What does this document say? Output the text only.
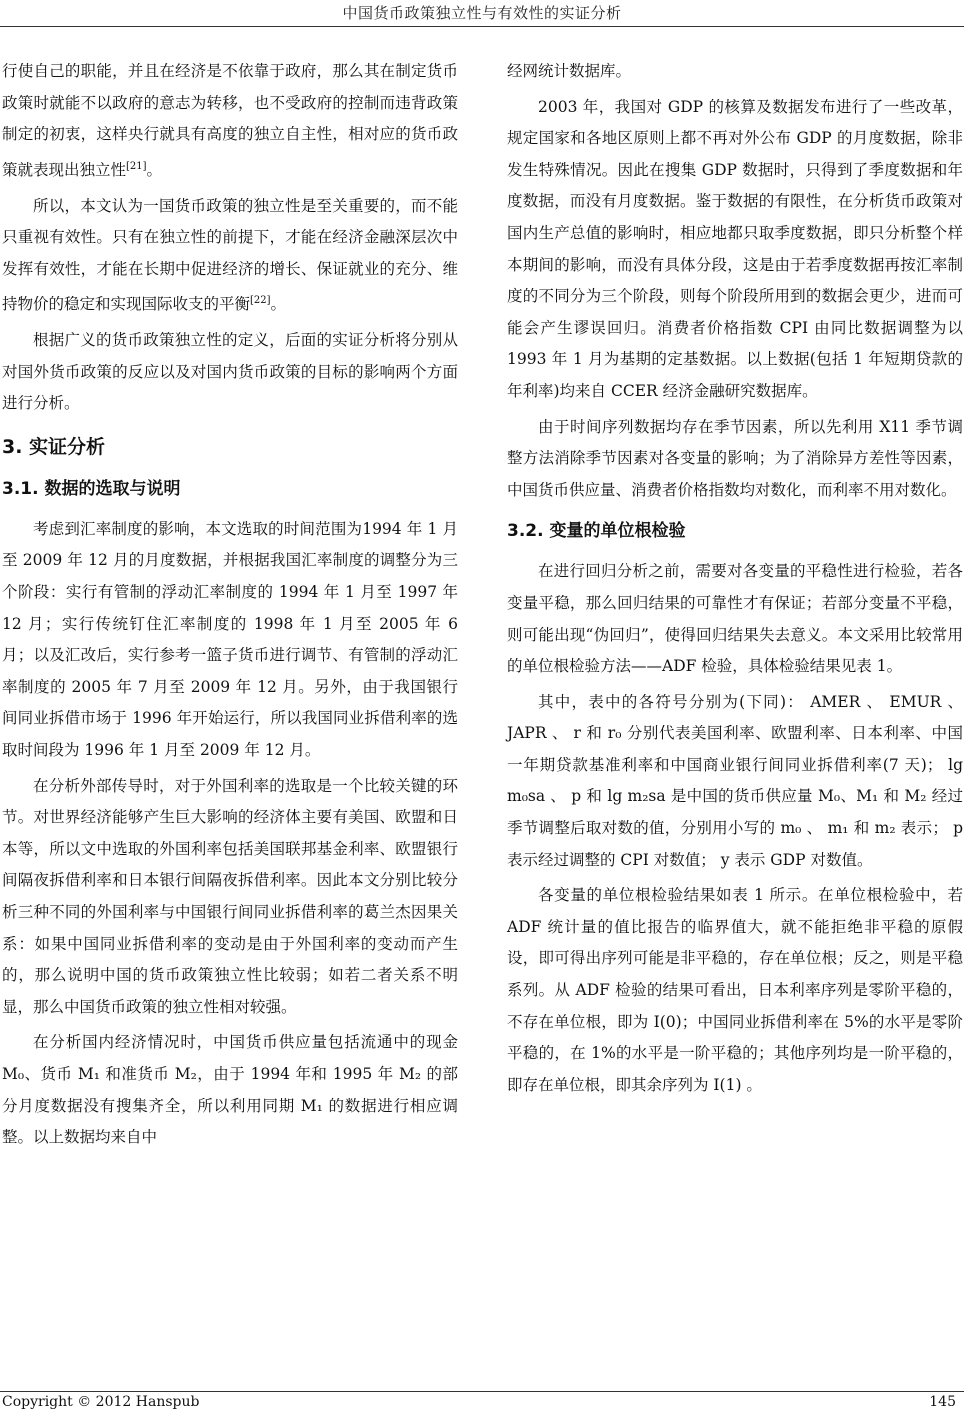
中国货币政策独立性与有效性的实证分析

行使自己的职能，并且在经济是不依靠于政府，那么其在制定货币政策时就能不以政府的意志为转移，也不受政府的控制而违背政策制定的初衷，这样央行就具有高度的独立自主性，相对应的货币政策就表现出独立性[21]。

所以，本文认为一国货币政策的独立性是至关重要的，而不能只重视有效性。只有在独立性的前提下，才能在经济金融深层次中发挥有效性，才能在长期中促进经济的增长、保证就业的充分、维持物价的稳定和实现国际收支的平衡[22]。

根据广义的货币政策独立性的定义，后面的实证分析将分别从对国外货币政策的反应以及对国内货币政策的目标的影响两个方面进行分析。

3. 实证分析
3.1. 数据的选取与说明

考虑到汇率制度的影响，本文选取的时间范围为1994 年 1 月至 2009 年 12 月的月度数据，并根据我国汇率制度的调整分为三个阶段：实行有管制的浮动汇率制度的 1994 年 1 月至 1997 年 12 月；实行传统钉住汇率制度的 1998 年 1 月至 2005 年 6 月；以及汇改后，实行参考一篮子货币进行调节、有管制的浮动汇率制度的 2005 年 7 月至 2009 年 12 月。另外，由于我国银行间同业拆借市场于 1996 年开始运行，所以我国同业拆借利率的选取时间段为 1996 年 1 月至 2009 年 12 月。

在分析外部传导时，对于外国利率的选取是一个比较关键的环节。对世界经济能够产生巨大影响的经济体主要有美国、欧盟和日本等，所以文中选取的外国利率包括美国联邦基金利率、欧盟银行间隔夜拆借利率和日本银行间隔夜拆借利率。因此本文分别比较分析三种不同的外国利率与中国银行间同业拆借利率的葛兰杰因果关系：如果中国同业拆借利率的变动是由于外国利率的变动而产生的，那么说明中国的货币政策独立性比较弱；如若二者关系不明显，那么中国货币政策的独立性相对较强。

在分析国内经济情况时，中国货币供应量包括流通中的现金 M₀、货币 M₁ 和准货币 M₂，由于 1994 年和 1995 年 M₂ 的部分月度数据没有搜集齐全，所以利用同期 M₁ 的数据进行相应调整。以上数据均来自中

经网统计数据库。

2003 年，我国对 GDP 的核算及数据发布进行了一些改革，规定国家和各地区原则上都不再对外公布 GDP 的月度数据，除非发生特殊情况。因此在搜集 GDP 数据时，只得到了季度数据和年度数据，而没有月度数据。鉴于数据的有限性，在分析货币政策对国内生产总值的影响时，相应地都只取季度数据，即只分析整个样本期间的影响，而没有具体分段，这是由于若季度数据再按汇率制度的不同分为三个阶段，则每个阶段所用到的数据会更少，进而可能会产生谬误回归。消费者价格指数 CPI 由同比数据调整为以 1993 年 1 月为基期的定基数据。以上数据(包括 1 年短期贷款的年利率)均来自 CCER 经济金融研究数据库。

由于时间序列数据均存在季节因素，所以先利用 X11 季节调整方法消除季节因素对各变量的影响；为了消除异方差性等因素，中国货币供应量、消费者价格指数均对数化，而利率不用对数化。

3.2. 变量的单位根检验

在进行回归分析之前，需要对各变量的平稳性进行检验，若各变量平稳，那么回归结果的可靠性才有保证；若部分变量不平稳，则可能出现“伪回归”，使得回归结果失去意义。本文采用比较常用的单位根检验方法——ADF 检验，具体检验结果见表 1。

其中，表中的各符号分别为(下同)： AMER 、 EMUR 、 JAPR 、 r 和 r₀ 分别代表美国利率、欧盟利率、日本利率、中国一年期贷款基准利率和中国商业银行间同业拆借利率(7 天)； lg m₀sa 、 p 和 lg m₂sa 是中国的货币供应量 M₀、M₁ 和 M₂ 经过季节调整后取对数的值，分别用小写的 m₀ 、 m₁ 和 m₂ 表示； p 表示经过调整的 CPI 对数值； y 表示 GDP 对数值。

各变量的单位根检验结果如表 1 所示。在单位根检验中，若 ADF 统计量的值比报告的临界值大，就不能拒绝非平稳的原假设，即可得出序列可能是非平稳的，存在单位根；反之，则是平稳系列。从 ADF 检验的结果可看出，日本利率序列是零阶平稳的，不存在单位根，即为 I(0)；中国同业拆借利率在 5%的水平是零阶平稳的，在 1%的水平是一阶平稳的；其他序列均是一阶平稳的，即存在单位根，即其余序列为 I(1) 。

Copyright © 2012 Hanspub	145
